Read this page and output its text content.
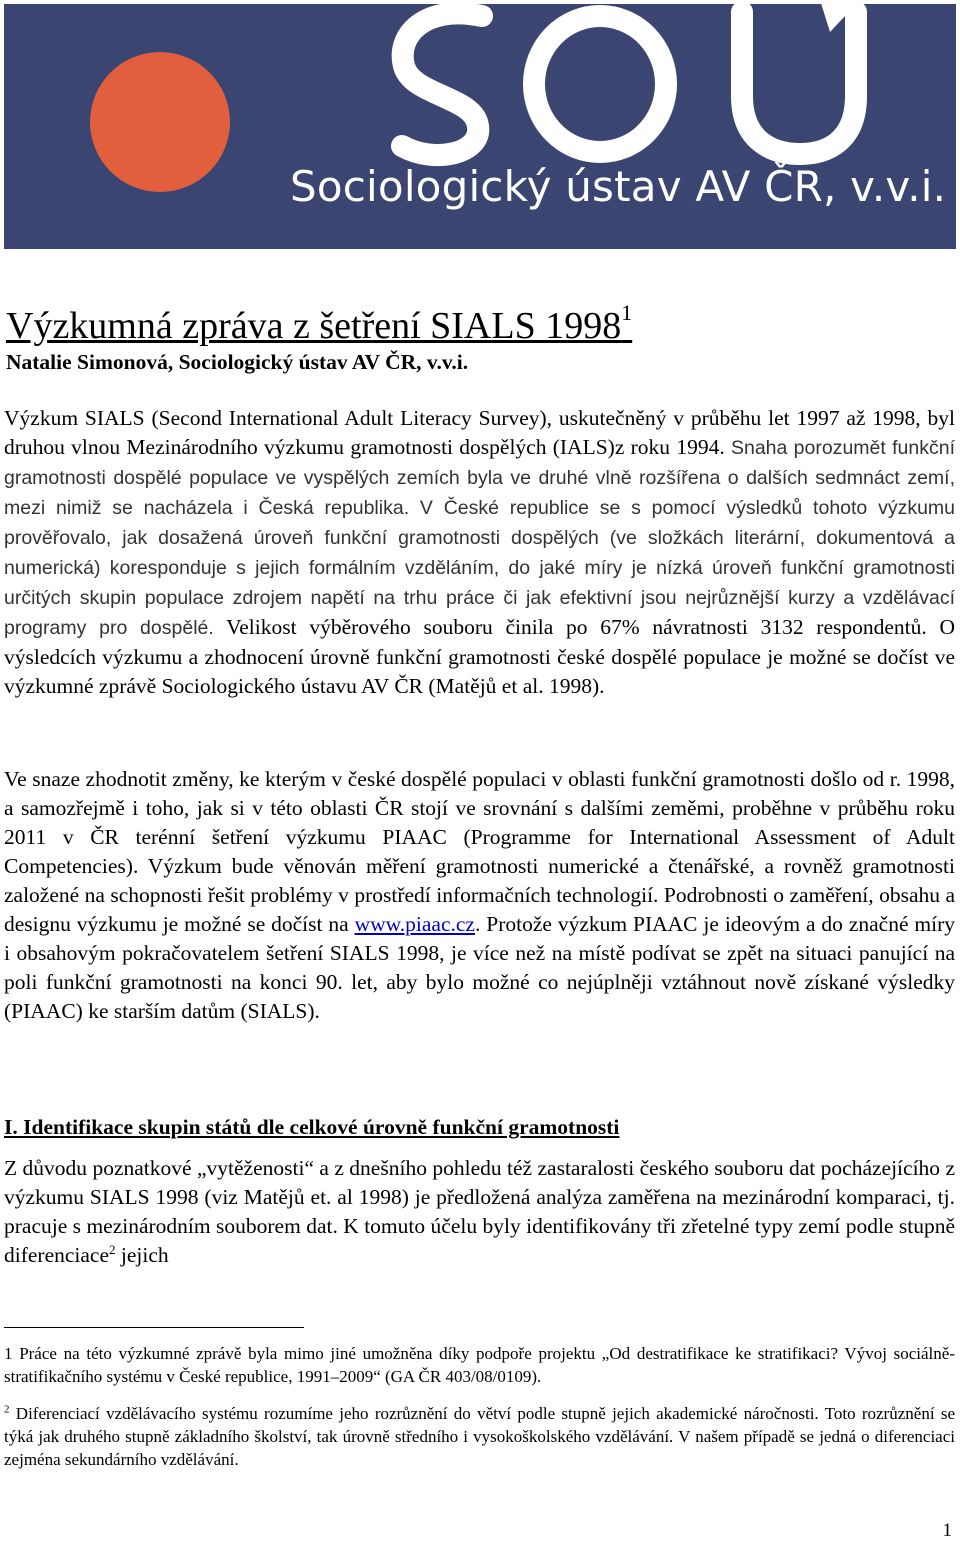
Sociologický ústav AV ČR, v.v.i.
Výzkumná zpráva z šetření SIALS 1998$^1$
Natalie Simonová, Sociologický ústav AV ČR, v.v.i.

Výzkum SIALS (Second International Adult Literacy Survey), uskutečněný v průběhu let 1997 až 1998, byl druhou vlnou Mezinárodního výzkumu gramotnosti dospělých (IALS)z roku 1994. Snaha porozumět funkční gramotnosti dospělé populace ve vyspělých zemích byla ve druhé vlně rozšířena o dalších sedmnáct zemí, mezi nimiž se nacházela i Česká republika. V České republice se s pomocí výsledků tohoto výzkumu prověřovalo, jak dosažená úroveň funkční gramotnosti dospělých (ve složkách literární, dokumentová a numerická) koresponduje s jejich formálním vzděláním, do jaké míry je nízká úroveň funkční gramotnosti určitých skupin populace zdrojem napětí na trhu práce či jak efektivní jsou nejrůznější kurzy a vzdělávací programy pro dospělé. Velikost výběrového souboru činila po 67% návratnosti 3132 respondentů. O výsledcích výzkumu a zhodnocení úrovně funkční gramotnosti české dospělé populace je možné se dočíst ve výzkumné zprávě Sociologického ústavu AV ČR (Matějů et al. 1998).

Ve snaze zhodnotit změny, ke kterým v české dospělé populaci v oblasti funkční gramotnosti došlo od r. 1998, a samozřejmě i toho, jak si v této oblasti ČR stojí ve srovnání s dalšími zeměmi, proběhne v průběhu roku 2011 v ČR terénní šetření výzkumu PIAAC (Programme for International Assessment of Adult Competencies). Výzkum bude věnován měření gramotnosti numerické a čtenářské, a rovněž gramotnosti založené na schopnosti řešit problémy v prostředí informačních technologií. Podrobnosti o zaměření, obsahu a designu výzkumu je možné se dočíst na www.piaac.cz. Protože výzkum PIAAC je ideovým a do značné míry i obsahovým pokračovatelem šetření SIALS 1998, je více než na místě podívat se zpět na situaci panující na poli funkční gramotnosti na konci 90. let, aby bylo možné co nejúplněji vztáhnout nově získané výsledky (PIAAC) ke starším datům (SIALS).

I. Identifikace skupin států dle celkové úrovně funkční gramotnosti

Z důvodu poznatkové „vytěženosti“ a z dnešního pohledu též zastaralosti českého souboru dat pocházejícího z výzkumu SIALS 1998 (viz Matějů et. al 1998) je předložená analýza zaměřena na mezinárodní komparaci, tj. pracuje s mezinárodním souborem dat. K tomuto účelu byly identifikovány tři zřetelné typy zemí podle stupně diferenciace$^2$ jejich

1 Práce na této výzkumné zprávě byla mimo jiné umožněna díky podpoře projektu „Od destratifikace ke stratifikaci? Vývoj sociálně-stratifikačního systému v České republice, 1991–2009“ (GA ČR 403/08/0109).

$^2$ Diferenciací vzdělávacího systému rozumíme jeho rozrůznění do větví podle stupně jejich akademické náročnosti. Toto rozrůznění se týká jak druhého stupně základního školství, tak úrovně středního i vysokoškolského vzdělávání. V našem případě se jedná o diferenciaci zejména sekundárního vzdělávání.

1
